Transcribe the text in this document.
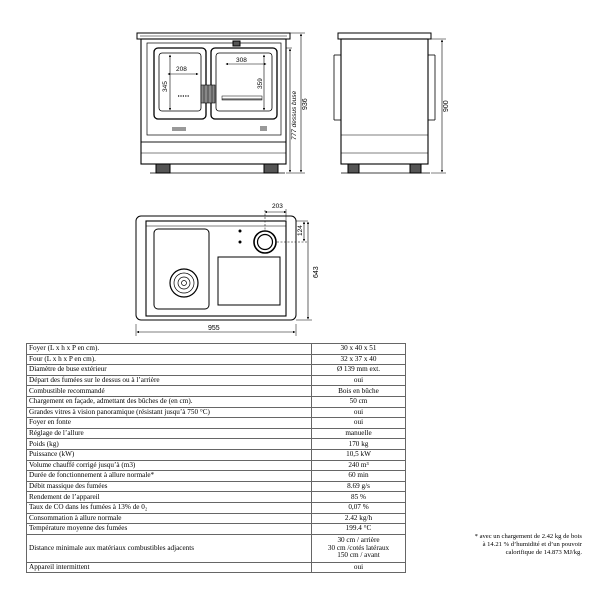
208
308
345	359
936
777 dessus buse	900
203
124
643
955
Foyer (L x h x P en cm).	30 x 40 x 51
Four (L x h x P en cm).	32 x 37 x 40
Diamètre de buse extérieur	Ø 139 mm ext.
Départ des fumées sur le dessus ou à l’arrière	oui
Combustible recommandé	Bois en bûche
Chargement en façade, admettant des bûches de (en cm).	50 cm
Grandes vitres à vision panoramique (résistant jusqu’à 750 °C)	oui
Foyer en fonte	oui
Réglage de l’allure	manuelle
Poids (kg)	170 kg
Puissance (kW)	10,5 kW
Volume chauffé corrigé jusqu’à (m3)	240 m³
Durée de fonctionnement à allure normale*	60 min
Débit massique des fumées	8.69 g/s
Rendement de l’appareil	85 %
Taux de CO dans les fumées à 13% de 0₂	0,07 %
Consommation à allure normale	2.42 kg/h
Température moyenne des fumées	199.4 °C
Distance minimale aux matériaux combustibles adjacents	30 cm / arrière
30 cm /cotés latéraux
150 cm / avant

Appareil intermittent	oui
* avec un chargement de 2.42 kg de bois
à 14.21 % d’humidité et d’un pouvoir
calorifique de 14.873 MJ/kg.
